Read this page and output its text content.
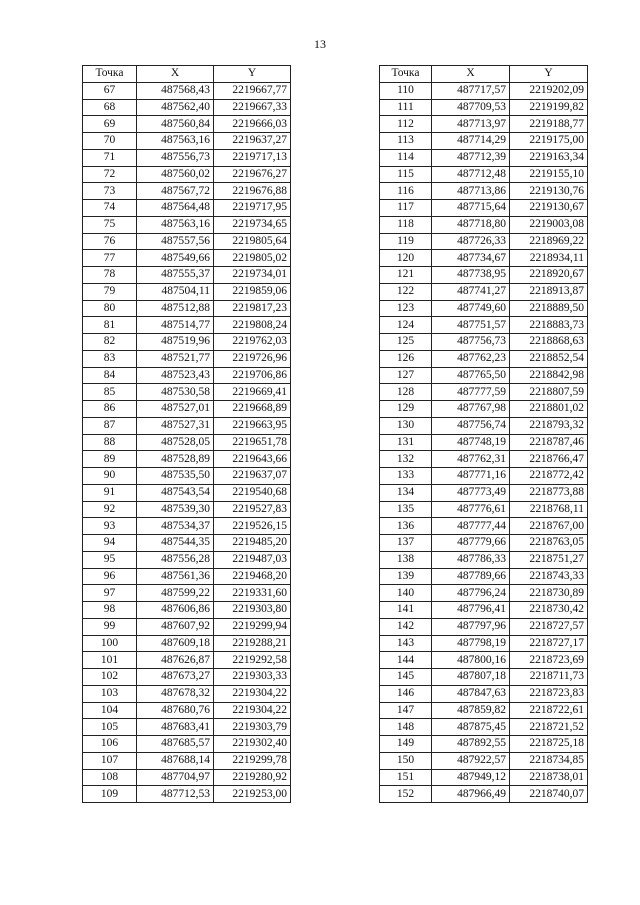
13
Точка	X	Y
67	487568,43	2219667,77
68	487562,40	2219667,33
69	487560,84	2219666,03
70	487563,16	2219637,27
71	487556,73	2219717,13
72	487560,02	2219676,27
73	487567,72	2219676,88
74	487564,48	2219717,95
75	487563,16	2219734,65
76	487557,56	2219805,64
77	487549,66	2219805,02
78	487555,37	2219734,01
79	487504,11	2219859,06
80	487512,88	2219817,23
81	487514,77	2219808,24
82	487519,96	2219762,03
83	487521,77	2219726,96
84	487523,43	2219706,86
85	487530,58	2219669,41
86	487527,01	2219668,89
87	487527,31	2219663,95
88	487528,05	2219651,78
89	487528,89	2219643,66
90	487535,50	2219637,07
91	487543,54	2219540,68
92	487539,30	2219527,83
93	487534,37	2219526,15
94	487544,35	2219485,20
95	487556,28	2219487,03
96	487561,36	2219468,20
97	487599,22	2219331,60
98	487606,86	2219303,80
99	487607,92	2219299,94
100	487609,18	2219288,21
101	487626,87	2219292,58
102	487673,27	2219303,33
103	487678,32	2219304,22
104	487680,76	2219304,22
105	487683,41	2219303,79
106	487685,57	2219302,40
107	487688,14	2219299,78
108	487704,97	2219280,92
109	487712,53	2219253,00
Точка	X	Y
110	487717,57	2219202,09
111	487709,53	2219199,82
112	487713,97	2219188,77
113	487714,29	2219175,00
114	487712,39	2219163,34
115	487712,48	2219155,10
116	487713,86	2219130,76
117	487715,64	2219130,67
118	487718,80	2219003,08
119	487726,33	2218969,22
120	487734,67	2218934,11
121	487738,95	2218920,67
122	487741,27	2218913,87
123	487749,60	2218889,50
124	487751,57	2218883,73
125	487756,73	2218868,63
126	487762,23	2218852,54
127	487765,50	2218842,98
128	487777,59	2218807,59
129	487767,98	2218801,02
130	487756,74	2218793,32
131	487748,19	2218787,46
132	487762,31	2218766,47
133	487771,16	2218772,42
134	487773,49	2218773,88
135	487776,61	2218768,11
136	487777,44	2218767,00
137	487779,66	2218763,05
138	487786,33	2218751,27
139	487789,66	2218743,33
140	487796,24	2218730,89
141	487796,41	2218730,42
142	487797,96	2218727,57
143	487798,19	2218727,17
144	487800,16	2218723,69
145	487807,18	2218711,73
146	487847,63	2218723,83
147	487859,82	2218722,61
148	487875,45	2218721,52
149	487892,55	2218725,18
150	487922,57	2218734,85
151	487949,12	2218738,01
152	487966,49	2218740,07
